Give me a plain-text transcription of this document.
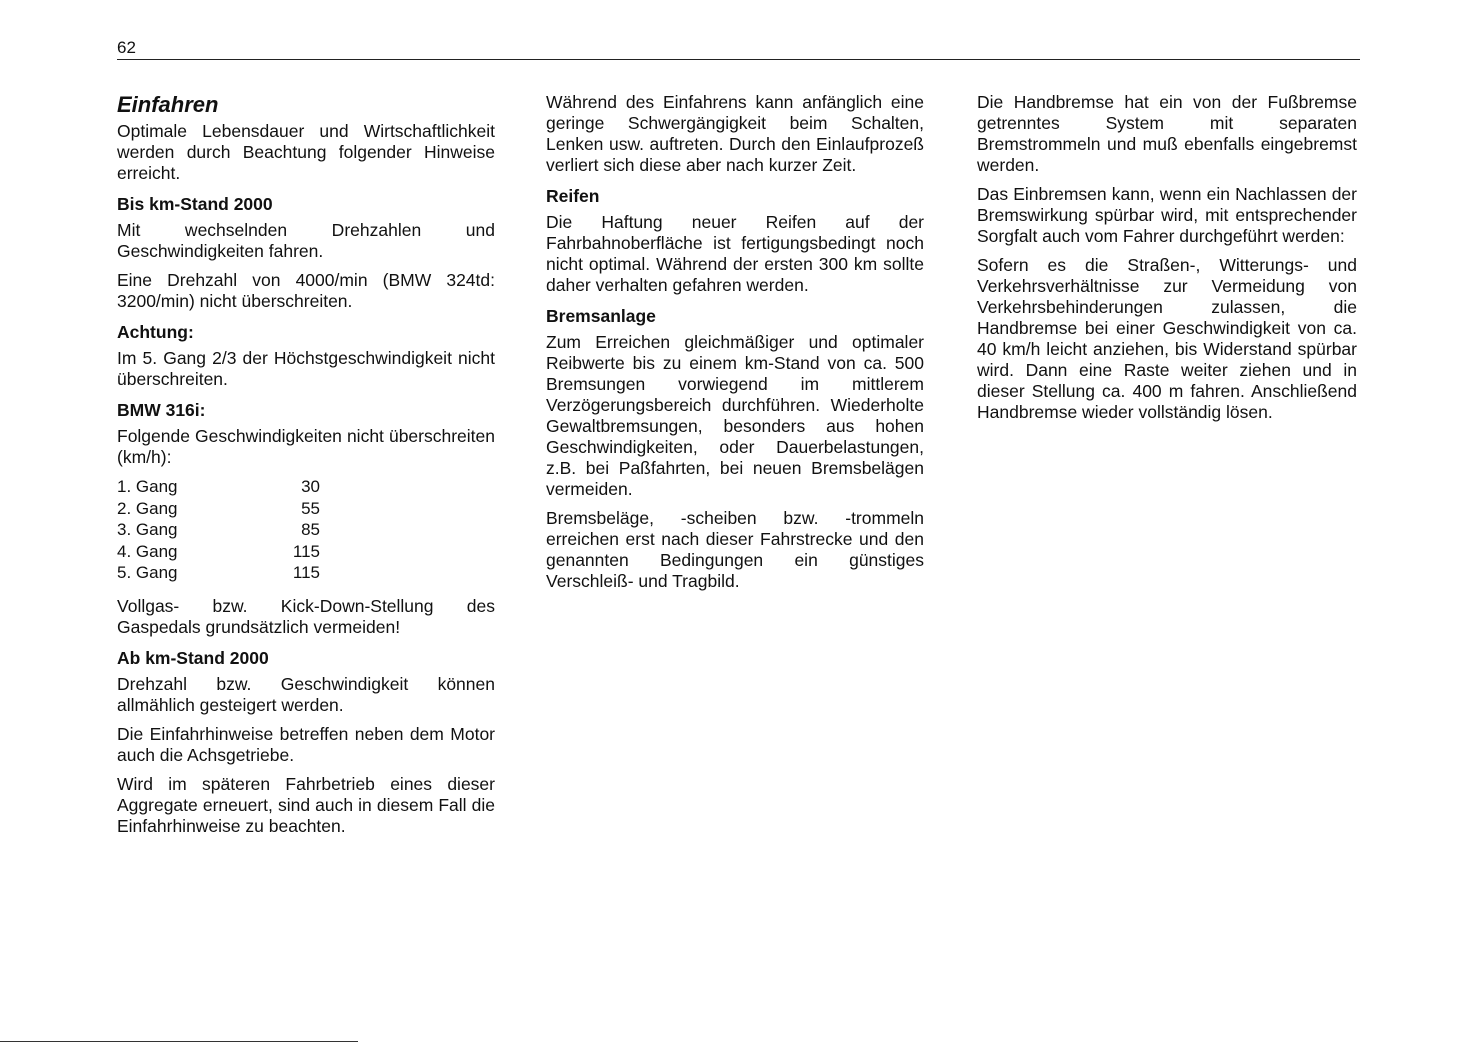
62
Einfahren

Optimale Lebensdauer und Wirtschaftlichkeit werden durch Beachtung folgender Hinweise erreicht.

Bis km-Stand 2000

Mit wechselnden Drehzahlen und Geschwindigkeiten fahren.

Eine Drehzahl von 4000/min (BMW 324td: 3200/min) nicht überschreiten.

Achtung:

Im 5. Gang 2/3 der Höchstgeschwindigkeit nicht überschreiten.

BMW 316i:

Folgende Geschwindigkeiten nicht überschreiten (km/h):

1. Gang	30
2. Gang	55
3. Gang	85
4. Gang	115
5. Gang	115

Vollgas- bzw. Kick-Down-Stellung des Gaspedals grundsätzlich vermeiden!

Ab km-Stand 2000

Drehzahl bzw. Geschwindigkeit können allmählich gesteigert werden.

Die Einfahrhinweise betreffen neben dem Motor auch die Achsgetriebe.

Wird im späteren Fahrbetrieb eines dieser Aggregate erneuert, sind auch in diesem Fall die Einfahrhinweise zu beachten.

Während des Einfahrens kann anfänglich eine geringe Schwergängigkeit beim Schalten, Lenken usw. auftreten. Durch den Einlaufprozeß verliert sich diese aber nach kurzer Zeit.

Reifen

Die Haftung neuer Reifen auf der Fahrbahnoberfläche ist fertigungsbedingt noch nicht optimal. Während der ersten 300 km sollte daher verhalten gefahren werden.

Bremsanlage

Zum Erreichen gleichmäßiger und optimaler Reibwerte bis zu einem km-Stand von ca. 500 Bremsungen vorwiegend im mittlerem Verzögerungsbereich durchführen. Wiederholte Gewaltbremsungen, besonders aus hohen Geschwindigkeiten, oder Dauerbelastungen, z.B. bei Paßfahrten, bei neuen Bremsbelägen vermeiden.

Bremsbeläge, -scheiben bzw. -trommeln erreichen erst nach dieser Fahrstrecke und den genannten Bedingungen ein günstiges Verschleiß- und Tragbild.

Die Handbremse hat ein von der Fußbremse getrenntes System mit separaten Bremstrommeln und muß ebenfalls eingebremst werden.

Das Einbremsen kann, wenn ein Nachlassen der Bremswirkung spürbar wird, mit entsprechender Sorgfalt auch vom Fahrer durchgeführt werden:

Sofern es die Straßen-, Witterungs- und Verkehrsverhältnisse zur Vermeidung von Verkehrsbehinderungen zulassen, die Handbremse bei einer Geschwindigkeit von ca. 40 km/h leicht anziehen, bis Widerstand spürbar wird. Dann eine Raste weiter ziehen und in dieser Stellung ca. 400 m fahren. Anschließend Handbremse wieder vollständig lösen.
